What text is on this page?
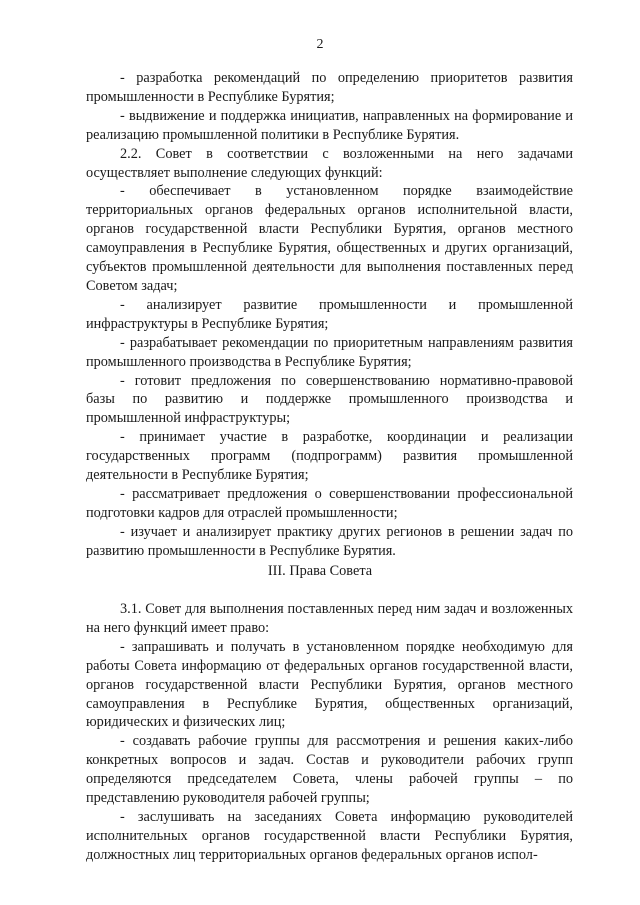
2

- разработка рекомендаций по определению приоритетов развития промышленности в Республике Бурятия;

- выдвижение и поддержка инициатив, направленных на формирование и реализацию промышленной политики в Республике Бурятия.

2.2. Совет в соответствии с возложенными на него задачами осуществляет выполнение следующих функций:

- обеспечивает в установленном порядке взаимодействие территориальных органов федеральных органов исполнительной власти, органов государственной власти Республики Бурятия, органов местного самоуправления в Республике Бурятия, общественных и других организаций, субъектов промышленной деятельности для выполнения поставленных перед Советом задач;

- анализирует развитие промышленности и промышленной инфраструктуры в Республике Бурятия;

- разрабатывает рекомендации по приоритетным направлениям развития промышленного производства в Республике Бурятия;

- готовит предложения по совершенствованию нормативно-правовой базы по развитию и поддержке промышленного производства и промышленной инфраструктуры;

- принимает участие в разработке, координации и реализации государственных программ (подпрограмм) развития промышленной деятельности в Республике Бурятия;

- рассматривает предложения о совершенствовании профессиональной подготовки кадров для отраслей промышленности;

- изучает и анализирует практику других регионов в решении задач по развитию промышленности в Республике Бурятия.

III. Права Совета

3.1. Совет для выполнения поставленных перед ним задач и возложенных на него функций имеет право:

- запрашивать и получать в установленном порядке необходимую для работы Совета информацию от федеральных органов государственной власти, органов государственной власти Республики Бурятия, органов местного самоуправления в Республике Бурятия, общественных организаций, юридических и физических лиц;

- создавать рабочие группы для рассмотрения и решения каких-либо конкретных вопросов и задач. Состав и руководители рабочих групп определяются председателем Совета, члены рабочей группы – по представлению руководителя рабочей группы;

- заслушивать на заседаниях Совета информацию руководителей исполнительных органов государственной власти Республики Бурятия, должностных лиц территориальных органов федеральных органов испол-
